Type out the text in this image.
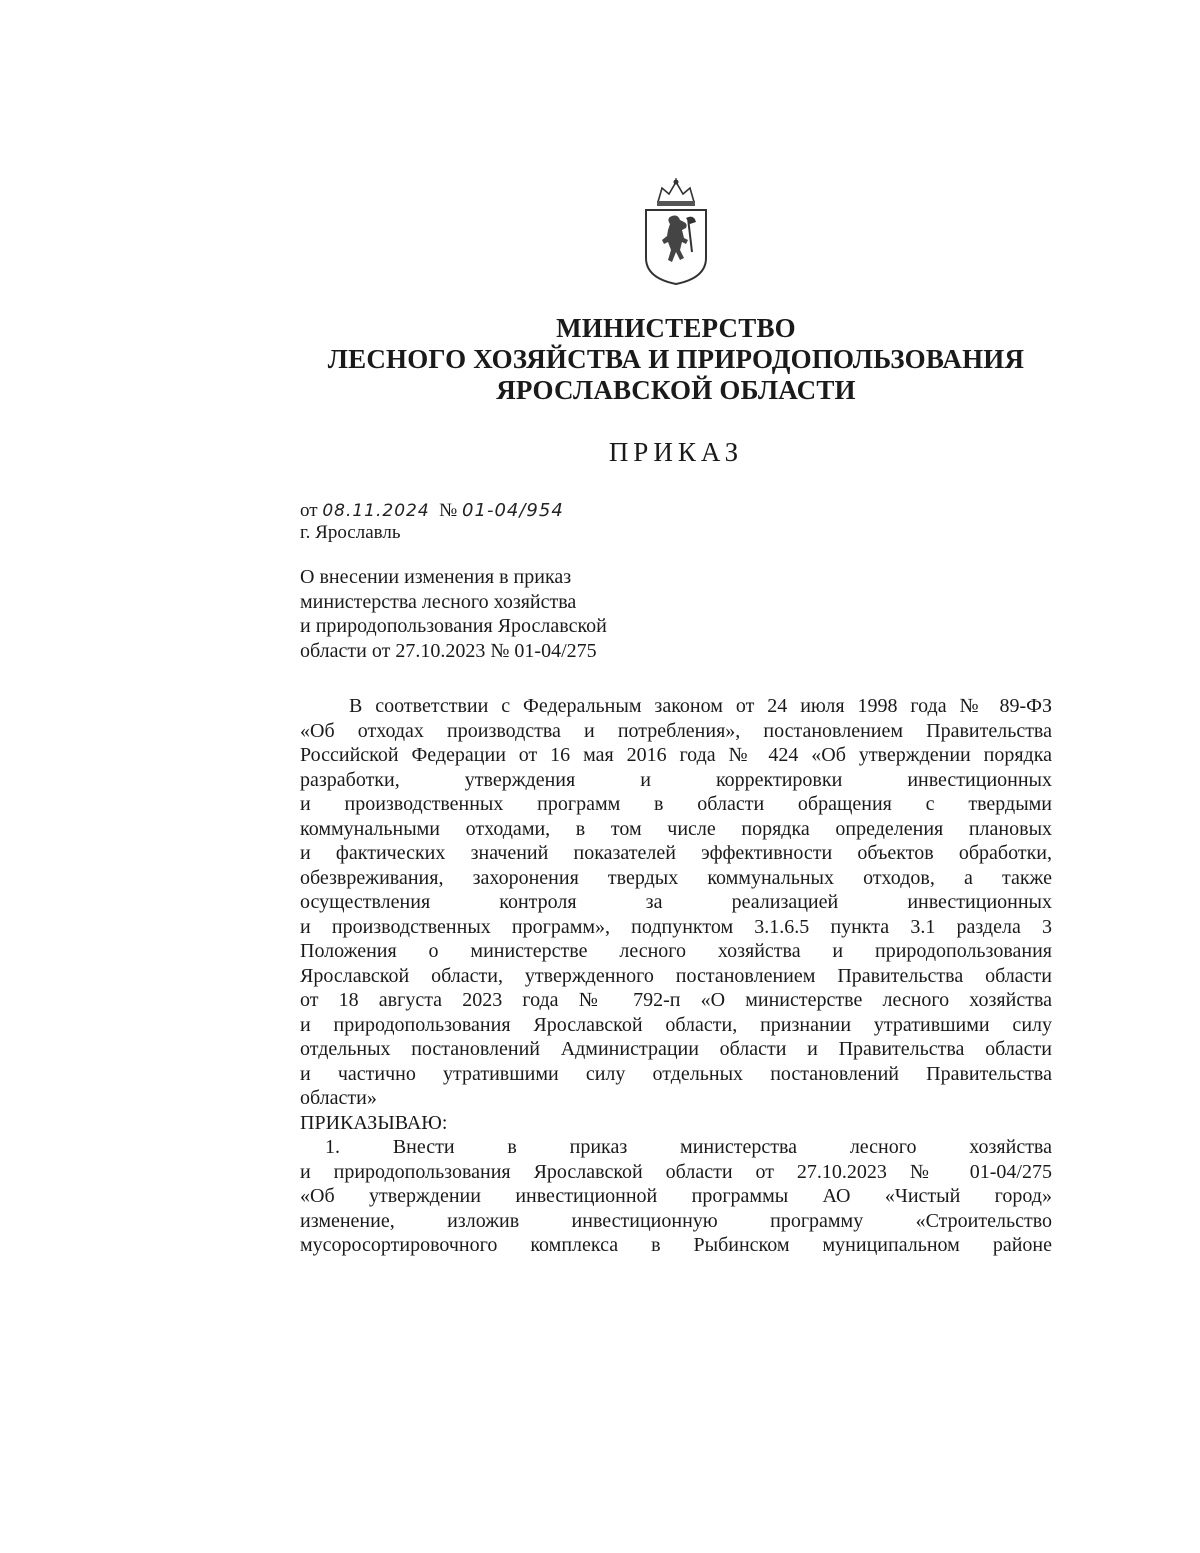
МИНИСТЕРСТВО
ЛЕСНОГО ХОЗЯЙСТВА И ПРИРОДОПОЛЬЗОВАНИЯ
ЯРОСЛАВСКОЙ ОБЛАСТИ
ПРИКАЗ
от 08.11.2024 № 01-04/954
г. Ярославль
О внесении изменения в приказ
министерства лесного хозяйства
и природопользования Ярославской
области от 27.10.2023 № 01-04/275
В соответствии с Федеральным законом от 24 июля 1998 года № 89-ФЗ
«Об отходах производства и потребления», постановлением Правительства
Российской Федерации от 16 мая 2016 года № 424 «Об утверждении порядка
разработки, утверждения и корректировки инвестиционных
и производственных программ в области обращения с твердыми
коммунальными отходами, в том числе порядка определения плановых
и фактических значений показателей эффективности объектов обработки,
обезвреживания, захоронения твердых коммунальных отходов, а также
осуществления контроля за реализацией инвестиционных
и производственных программ», подпунктом 3.1.6.5 пункта 3.1 раздела 3
Положения о министерстве лесного хозяйства и природопользования
Ярославской области, утвержденного постановлением Правительства области
от 18 августа 2023 года № 792-п «О министерстве лесного хозяйства
и природопользования Ярославской области, признании утратившими силу
отдельных постановлений Администрации области и Правительства области
и частично утратившими силу отдельных постановлений Правительства
области»
ПРИКАЗЫВАЮ:
1. Внести в приказ министерства лесного хозяйства
и природопользования Ярославской области от 27.10.2023 № 01-04/275
«Об утверждении инвестиционной программы АО «Чистый город»
изменение, изложив инвестиционную программу «Строительство
мусоросортировочного комплекса в Рыбинском муниципальном районе
